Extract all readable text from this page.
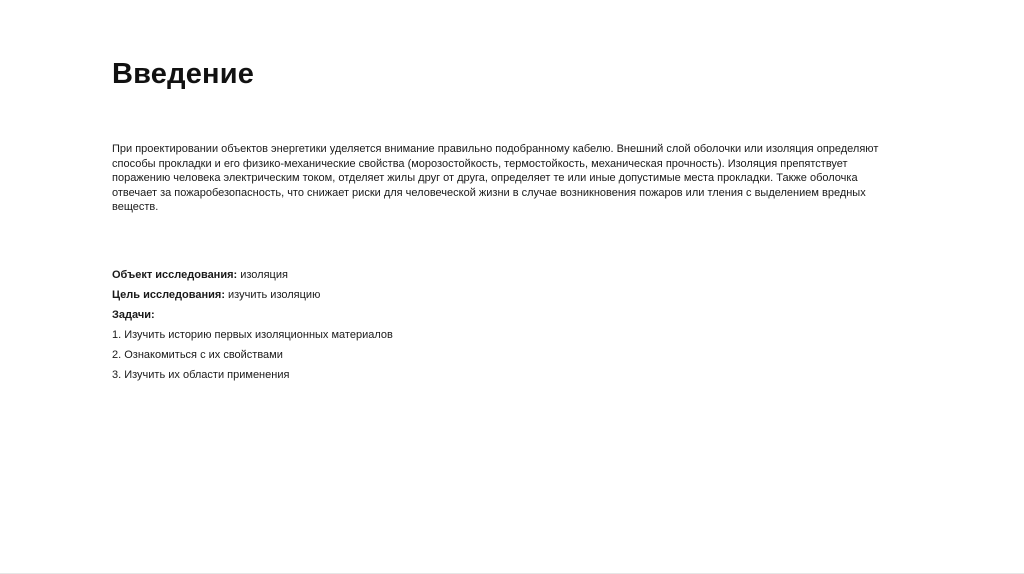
Введение

При проектировании объектов энергетики уделяется внимание правильно подобранному кабелю. Внешний слой оболочки или изоляция определяют способы прокладки и его физико-механические свойства (морозостойкость, термостойкость, механическая прочность). Изоляция препятствует поражению человека электрическим током, отделяет жилы друг от друга, определяет те или иные допустимые места прокладки. Также оболочка отвечает за пожаробезопасность, что снижает риски для человеческой жизни в случае возникновения пожаров или тления с выделением вредных веществ.

Объект исследования: изоляция
Цель исследования: изучить изоляцию
Задачи:
1. Изучить историю первых изоляционных материалов
2. Ознакомиться с их свойствами
3. Изучить их области применения
